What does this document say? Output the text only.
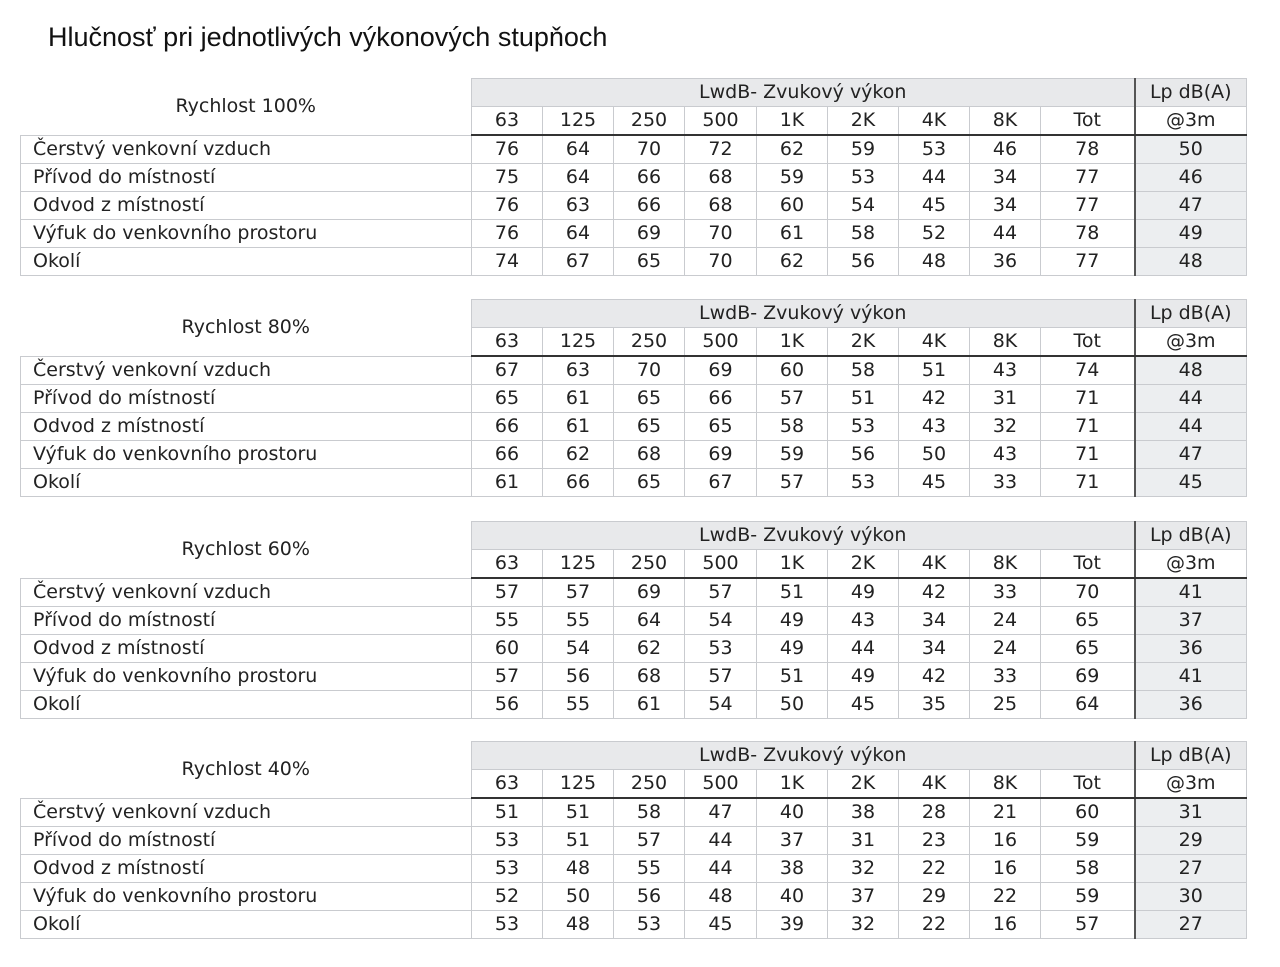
Hlučnosť pri jednotlivých výkonových stupňoch
Rychlost 100%	LwdB- Zvukový výkon									Lp dB(A)
	63	125	250	500	1K	2K	4K	8K	Tot	@3m
Čerstvý venkovní vzduch	76	64	70	72	62	59	53	46	78	50
Přívod do místností	75	64	66	68	59	53	44	34	77	46
Odvod z místností	76	63	66	68	60	54	45	34	77	47
Výfuk do venkovního prostoru	76	64	69	70	61	58	52	44	78	49
Okolí	74	67	65	70	62	56	48	36	77	48
Rychlost 80%	LwdB- Zvukový výkon									Lp dB(A)
	63	125	250	500	1K	2K	4K	8K	Tot	@3m
Čerstvý venkovní vzduch	67	63	70	69	60	58	51	43	74	48
Přívod do místností	65	61	65	66	57	51	42	31	71	44
Odvod z místností	66	61	65	65	58	53	43	32	71	44
Výfuk do venkovního prostoru	66	62	68	69	59	56	50	43	71	47
Okolí	61	66	65	67	57	53	45	33	71	45
Rychlost 60%	LwdB- Zvukový výkon									Lp dB(A)
	63	125	250	500	1K	2K	4K	8K	Tot	@3m
Čerstvý venkovní vzduch	57	57	69	57	51	49	42	33	70	41
Přívod do místností	55	55	64	54	49	43	34	24	65	37
Odvod z místností	60	54	62	53	49	44	34	24	65	36
Výfuk do venkovního prostoru	57	56	68	57	51	49	42	33	69	41
Okolí	56	55	61	54	50	45	35	25	64	36
Rychlost 40%	LwdB- Zvukový výkon									Lp dB(A)
	63	125	250	500	1K	2K	4K	8K	Tot	@3m
Čerstvý venkovní vzduch	51	51	58	47	40	38	28	21	60	31
Přívod do místností	53	51	57	44	37	31	23	16	59	29
Odvod z místností	53	48	55	44	38	32	22	16	58	27
Výfuk do venkovního prostoru	52	50	56	48	40	37	29	22	59	30
Okolí	53	48	53	45	39	32	22	16	57	27
